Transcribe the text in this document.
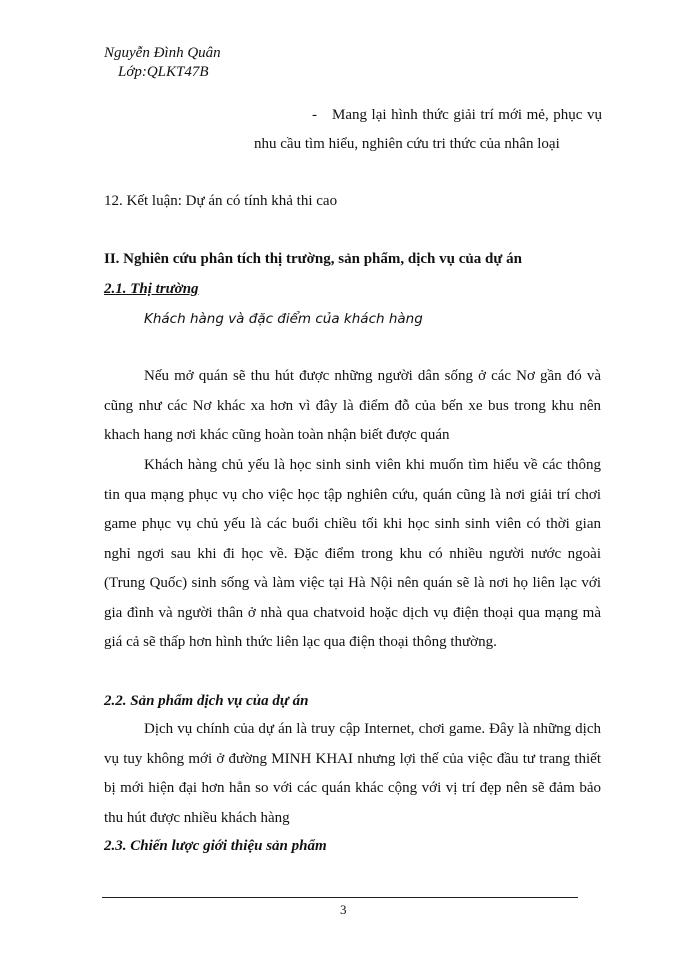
Nguyễn Đình Quân
Lớp:QLKT47B
- Mang lại hình thức giải trí mới mẻ, phục vụ nhu cầu tìm hiểu, nghiên cứu tri thức của nhân loại
12. Kết luận: Dự án có tính khả thi cao
II. Nghiên cứu phân tích thị trường, sản phẩm, dịch vụ của dự án
2.1. Thị trường
Khách hàng và đặc điểm của khách hàng
Nếu mở quán sẽ thu hút được những người dân sống ở các Nơ gần đó và cũng như các Nơ khác xa hơn vì đây là điểm đỗ của bến xe bus trong khu nên khach hang nơi khác cũng hoàn toàn nhận biết được quán
Khách hàng chủ yếu là học sinh sinh viên khi muốn tìm hiểu về các thông tin qua mạng phục vụ cho việc học tập nghiên cứu, quán cũng là nơi giải trí chơi game phục vụ chủ yếu là các buổi chiều tối khi học sinh sinh viên có thời gian nghỉ ngơi sau khi đi học về. Đặc điểm trong khu có nhiều người nước ngoài (Trung Quốc) sinh sống và làm việc tại Hà Nội nên quán sẽ là nơi họ liên lạc với gia đình và người thân ở nhà qua chatvoid hoặc dịch vụ điện thoại qua mạng mà giá cả sẽ thấp hơn hình thức liên lạc qua điện thoại thông thường.
2.2. Sản phẩm dịch vụ của dự án
Dịch vụ chính của dự án là truy cập Internet, chơi game. Đây là những dịch vụ tuy không mới ở đường MINH KHAI nhưng lợi thế của việc đầu tư trang thiết bị mới hiện đại hơn hẳn so với các quán khác cộng với vị trí đẹp nên sẽ đảm bảo thu hút được nhiều khách hàng
2.3. Chiến lược giới thiệu sản phẩm
3
